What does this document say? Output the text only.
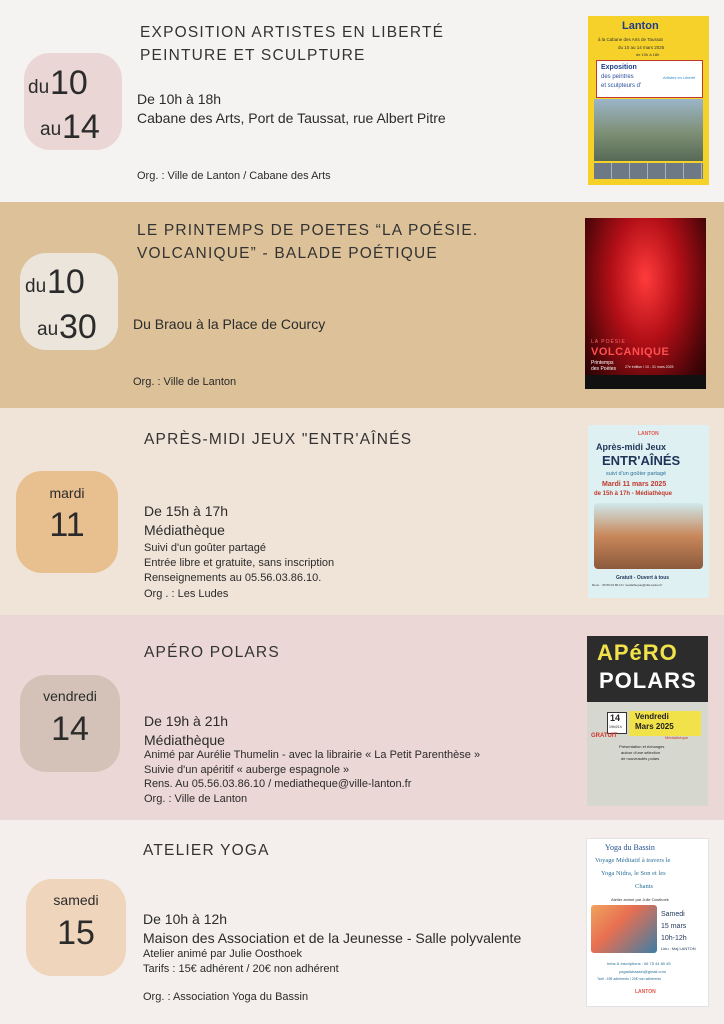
EXPOSITION ARTISTES EN LIBERTÉ
PEINTURE ET SCULPTURE
du 10
au 14
De 10h à 18h
Cabane des Arts, Port de Taussat, rue Albert Pitre
Org. : Ville de Lanton / Cabane des Arts
Lanton
à la Cabane des Arts de Taussat
du 10 au 14 mars 2025
de 10h à 18h
Exposition
des peintres
et sculpteurs d'
Artistes en Liberté
LE PRINTEMPS DE POETES “LA POÉSIE.
VOLCANIQUE” - BALADE POÉTIQUE
du 10
au 30	Du Braou à la Place de Courcy
Org. : Ville de Lanton
LA POÉSIE
VOLCANIQUE
Printemps
des Poètes	27e édition / 10 - 31 mars 2025
APRÈS-MIDI JEUX "ENTR'AÎNÉS
mardi
11	De 15h à 17h
Médiathèque
Suivi d'un goûter partagé
Entrée libre et gratuite, sans inscription
Renseignements au 05.56.03.86.10.
Org . : Les Ludes
LANTON
Après-midi Jeux
ENTR'AÎNÉS
suivi d'un goûter partagé
Mardi 11 mars 2025
de 15h à 17h - Médiathèque
Gratuit - Ouvert à tous
Rens. : 05.56.03.86.10 / mediatheque@ville-lanton.fr
APÉRO POLARS
vendredi
14	De 19h à 21h
Médiathèque
Animé par Aurélie Thumelin - avec la librairie « La Petit Parenthèse »
Suivie d'un apéritif « auberge espagnole »
Rens. Au 05.56.03.86.10 / mediatheque@ville-lanton.fr
Org. : Ville de Lanton
APéRO
POLARS
14
19h/21h
Vendredi
Mars 2025
Médiathèque
GRATUIT
Présentation et échanges
autour d'une sélection
de nouveautés polars
ATELIER YOGA
samedi
15	De 10h à 12h
Maison des Association et de la Jeunesse - Salle polyvalente
Atelier animé par Julie Oosthoek
Tarifs : 15€ adhérent / 20€ non adhérent
Org. : Association Yoga du Bassin
Yoga du Bassin
Voyage Méditatif à travers le
Yoga Nidra, le Son et les
Chants
Atelier animé par Julie Oosthoek
Samedi
15 mars
10h-12h
Lieu : Maj LANTON
Infos & inscriptions : 06 75 44 80 45
yogadubassin@gmail.com
Tarif : 15€ adhérents / 20€ non adhérents
LANTON
